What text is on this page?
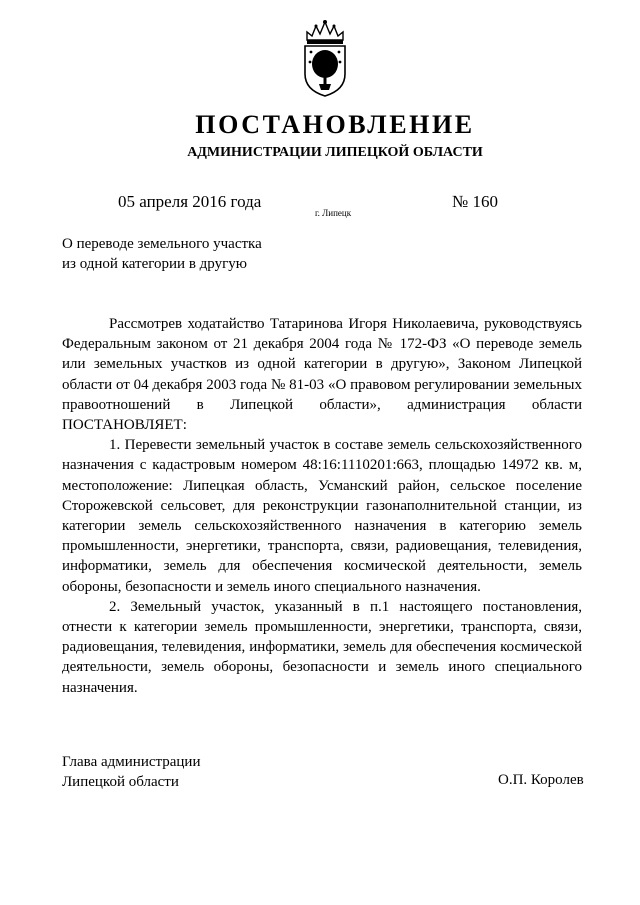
ПОСТАНОВЛЕНИЕ
АДМИНИСТРАЦИИ ЛИПЕЦКОЙ ОБЛАСТИ
05 апреля 2016 года
г. Липецк
№ 160
О переводе земельного участка
из одной категории в другую

Рассмотрев ходатайство Татаринова Игоря Николаевича, руководствуясь Федеральным законом от 21 декабря 2004 года № 172-ФЗ «О переводе земель или земельных участков из одной категории в другую», Законом Липецкой области от 04 декабря 2003 года № 81-03 «О правовом регулировании земельных правоотношений в Липецкой области», администрация области ПОСТАНОВЛЯЕТ:

1. Перевести земельный участок в составе земель сельскохозяйственного назначения с кадастровым номером 48:16:1110201:663, площадью 14972 кв. м, местоположение: Липецкая область, Усманский район, сельское поселение Сторожевской сельсовет, для реконструкции газонаполнительной станции, из категории земель сельскохозяйственного назначения в категорию земель промышленности, энергетики, транспорта, связи, радиовещания, телевидения, информатики, земель для обеспечения космической деятельности, земель обороны, безопасности и земель иного специального назначения.

2. Земельный участок, указанный в п.1 настоящего постановления, отнести к категории земель промышленности, энергетики, транспорта, связи, радиовещания, телевидения, информатики, земель для обеспечения космической деятельности, земель обороны, безопасности и земель иного специального назначения.

Глава администрации
Липецкой области	О.П. Королев
